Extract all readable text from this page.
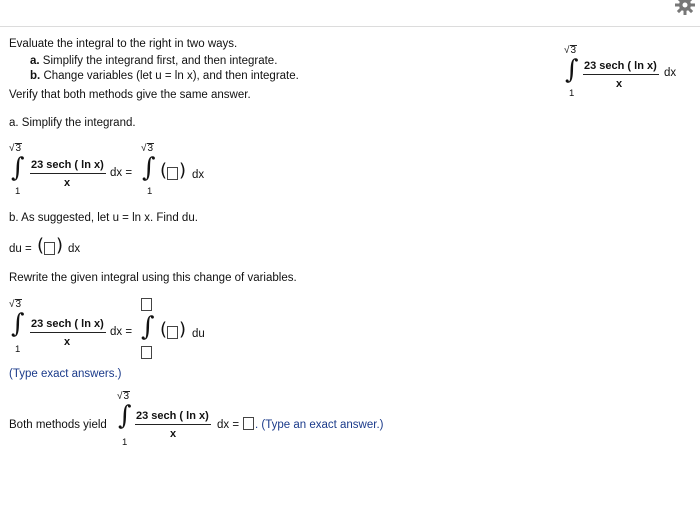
Evaluate the integral to the right in two ways.
a. Simplify the integrand first, and then integrate.
b. Change variables (let u = ln x), and then integrate.
Verify that both methods give the same answer.
√3
∫
1
23 sech ( ln x)
x
dx
a. Simplify the integrand.
√3
∫
1
23 sech ( ln x)
x
dx =
√3
∫
1
( ) dx
b. As suggested, let u = ln x. Find du.
du = ( ) dx
Rewrite the given integral using this change of variables.
√3
∫
1
23 sech ( ln x)
x
dx = ∫ ( ) du
(Type exact answers.)
Both methods yield
√3
∫
1
23 sech ( ln x)
x
dx = . (Type an exact answer.)
